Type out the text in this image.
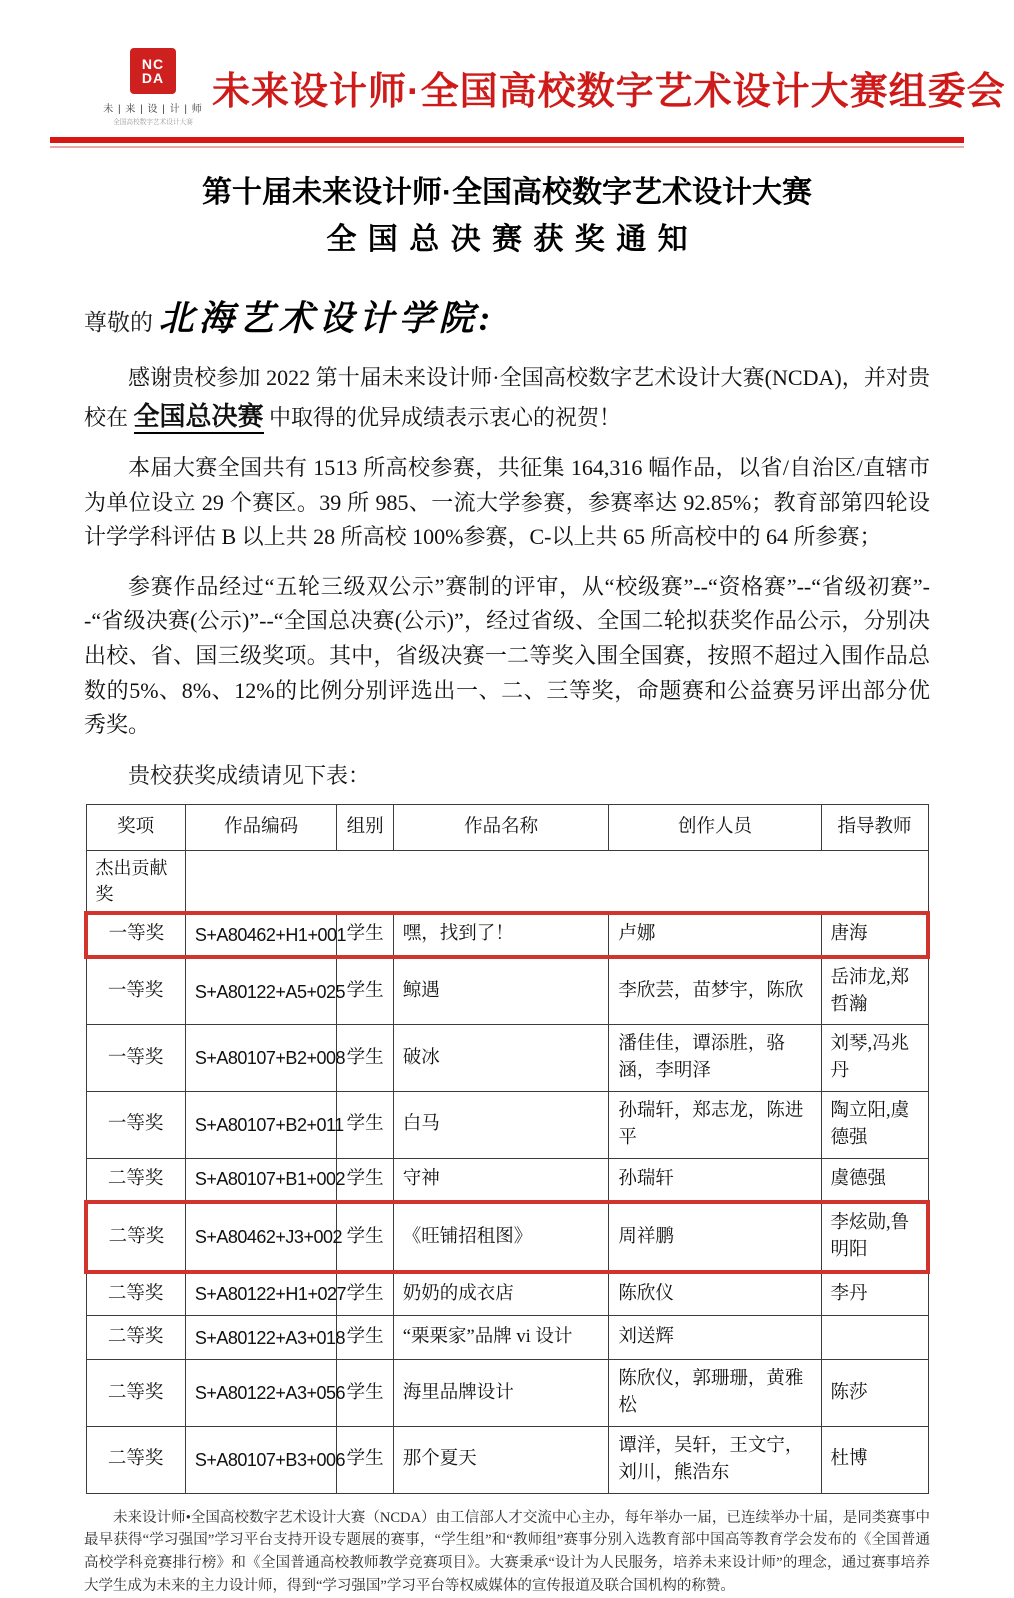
NC
DA
未 | 来 | 设 | 计 | 师
全国高校数字艺术设计大赛
未来设计师·全国高校数字艺术设计大赛组委会
第十届未来设计师·全国高校数字艺术设计大赛
全国总决赛获奖通知
尊敬的 北海艺术设计学院:
感谢贵校参加 2022 第十届未来设计师·全国高校数字艺术设计大赛(NCDA)，并对贵校在 全国总决赛 中取得的优异成绩表示衷心的祝贺！
本届大赛全国共有 1513 所高校参赛，共征集 164,316 幅作品，以省/自治区/直辖市为单位设立 29 个赛区。39 所 985、一流大学参赛，参赛率达 92.85%；教育部第四轮设计学学科评估 B 以上共 28 所高校 100%参赛，C-以上共 65 所高校中的 64 所参赛；
参赛作品经过“五轮三级双公示”赛制的评审，从“校级赛”--“资格赛”--“省级初赛”--“省级决赛(公示)”--“全国总决赛(公示)”，经过省级、全国二轮拟获奖作品公示，分别决出校、省、国三级奖项。其中，省级决赛一二等奖入围全国赛，按照不超过入围作品总数的5%、8%、12%的比例分别评选出一、二、三等奖，命题赛和公益赛另评出部分优秀奖。
贵校获奖成绩请见下表：
奖项	作品编码	组别	作品名称	创作人员	指导教师
杰出贡献奖					
一等奖	S+A80462+H1+001	学生	嘿，找到了！	卢娜	唐海
一等奖	S+A80122+A5+025	学生	鲸遇	李欣芸，苗梦宇，陈欣	岳沛龙,郑哲瀚
一等奖	S+A80107+B2+008	学生	破冰	潘佳佳，谭添胜，骆涵，李明泽	刘琴,冯兆丹
一等奖	S+A80107+B2+011	学生	白马	孙瑞轩，郑志龙，陈进平	陶立阳,虞德强
二等奖	S+A80107+B1+002	学生	守神	孙瑞轩	虞德强
二等奖	S+A80462+J3+002	学生	《旺铺招租图》	周祥鹏	李炫勋,鲁明阳
二等奖	S+A80122+H1+027	学生	奶奶的成衣店	陈欣仪	李丹
二等奖	S+A80122+A3+018	学生	“栗栗家”品牌 vi 设计	刘送辉	
二等奖	S+A80122+A3+056	学生	海里品牌设计	陈欣仪，郭珊珊，黄雅松	陈莎
二等奖	S+A80107+B3+006	学生	那个夏天	谭洋，吴轩，王文宁，刘川，熊浩东	杜博
未来设计师•全国高校数字艺术设计大赛（NCDA）由工信部人才交流中心主办，每年举办一届，已连续举办十届，是同类赛事中最早获得“学习强国”学习平台支持开设专题展的赛事，“学生组”和“教师组”赛事分别入选教育部中国高等教育学会发布的《全国普通高校学科竞赛排行榜》和《全国普通高校教师教学竞赛项目》。大赛秉承“设计为人民服务，培养未来设计师”的理念，通过赛事培养大学生成为未来的主力设计师，得到“学习强国”学习平台等权威媒体的宣传报道及联合国机构的称赞。
